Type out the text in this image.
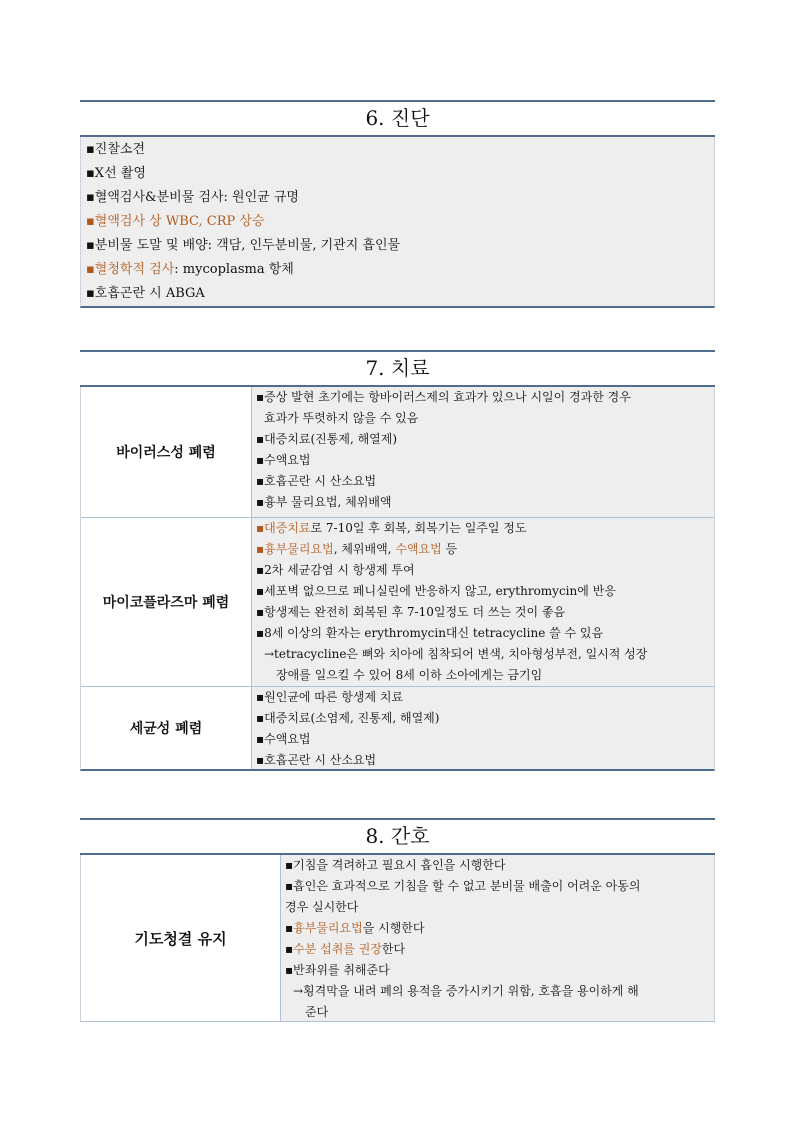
6. 진단
▪진찰소견
▪X선 촬영
▪혈액검사&분비물 검사: 원인균 규명
▪혈액검사 상 WBC, CRP 상승
▪분비물 도말 및 배양: 객담, 인두분비물, 기관지 흡인물
▪혈청학적 검사: mycoplasma 항체
▪호흡곤란 시 ABGA
7. 치료
바이러스성 폐렴
▪증상 발현 초기에는 항바이러스제의 효과가 있으나 시일이 경과한 경우
효과가 뚜렷하지 않을 수 있음
▪대증치료(진통제, 해열제)
▪수액요법
▪호흡곤란 시 산소요법
▪흉부 물리요법, 체위배액
마이코플라즈마 폐렴
▪대증치료로 7-10일 후 회복, 회복기는 일주일 정도
▪흉부물리요법, 체위배액, 수액요법 등
▪2차 세균감염 시 항생제 투여
▪세포벽 없으므로 페니실린에 반응하지 않고, erythromycin에 반응
▪항생제는 완전히 회복된 후 7-10일정도 더 쓰는 것이 좋음
▪8세 이상의 환자는 erythromycin대신 tetracycline 쓸 수 있음
→tetracycline은 뼈와 치아에 침착되어 변색, 치아형성부전, 일시적 성장
장애를 일으킬 수 있어 8세 이하 소아에게는 금기임
세균성 폐렴
▪원인균에 따른 항생제 치료
▪대증치료(소염제, 진통제, 해열제)
▪수액요법
▪호흡곤란 시 산소요법
8. 간호
기도청결 유지
▪기침을 격려하고 필요시 흡인을 시행한다
▪흡인은 효과적으로 기침을 할 수 없고 분비물 배출이 어려운 아동의
경우 실시한다
▪흉부물리요법을 시행한다
▪수분 섭취를 권장한다
▪반좌위를 취해준다
→횡격막을 내려 폐의 용적을 증가시키기 위함, 호흡을 용이하게 해
준다
